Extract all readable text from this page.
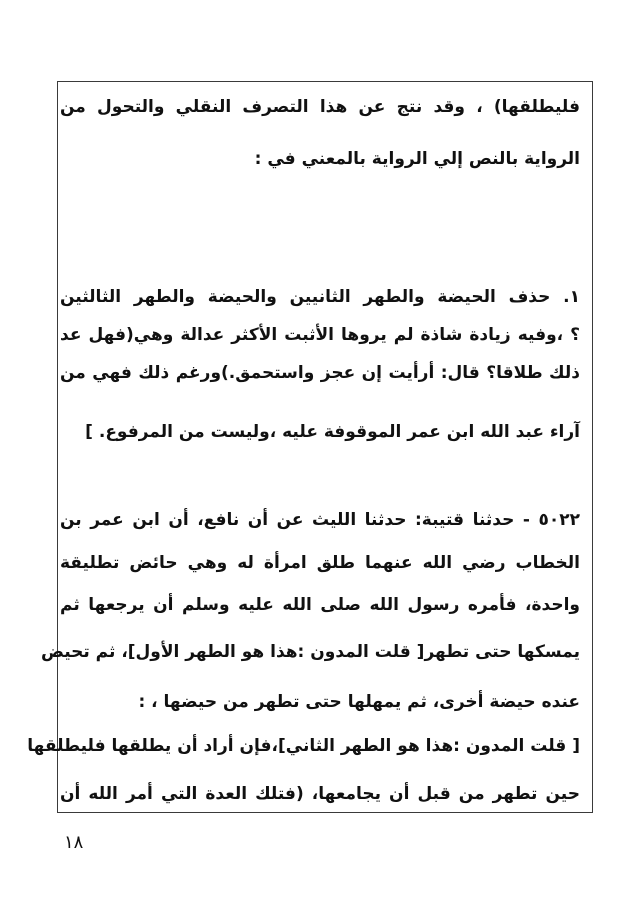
فليطلقها) ، وقد نتج عن هذا التصرف النقلي والتحول من
الرواية بالنص إلي الرواية بالمعني في :
١. حذف الحيضة والطهر الثانيين والحيضة والطهر الثالثين
؟ ،وفيه زيادة شاذة لم يروها الأثبت الأكثر عدالة وهي(فهل عد
ذلك طلاقا؟ قال: أرأيت إن عجز واستحمق.)ورغم ذلك فهي من
آراء عبد الله ابن عمر الموقوفة عليه ،وليست من المرفوع. ]
٥٠٢٢ - حدثنا قتيبة: حدثنا الليث عن أن نافع، أن ابن عمر بن
الخطاب رضي الله عنهما طلق امرأة له وهي حائض تطليقة
واحدة، فأمره رسول الله صلى الله عليه وسلم أن يرجعها ثم
يمسكها حتى تطهر[ قلت المدون :هذا هو الطهر الأول]، ثم تحيض
عنده حيضة أخرى، ثم يمهلها حتى تطهر من حيضها ، :
[ قلت المدون :هذا هو الطهر الثاني]،فإن أراد أن يطلقها فليطلقها
حين تطهر من قبل أن يجامعها، (فتلك العدة التي أمر الله أن
١٨
